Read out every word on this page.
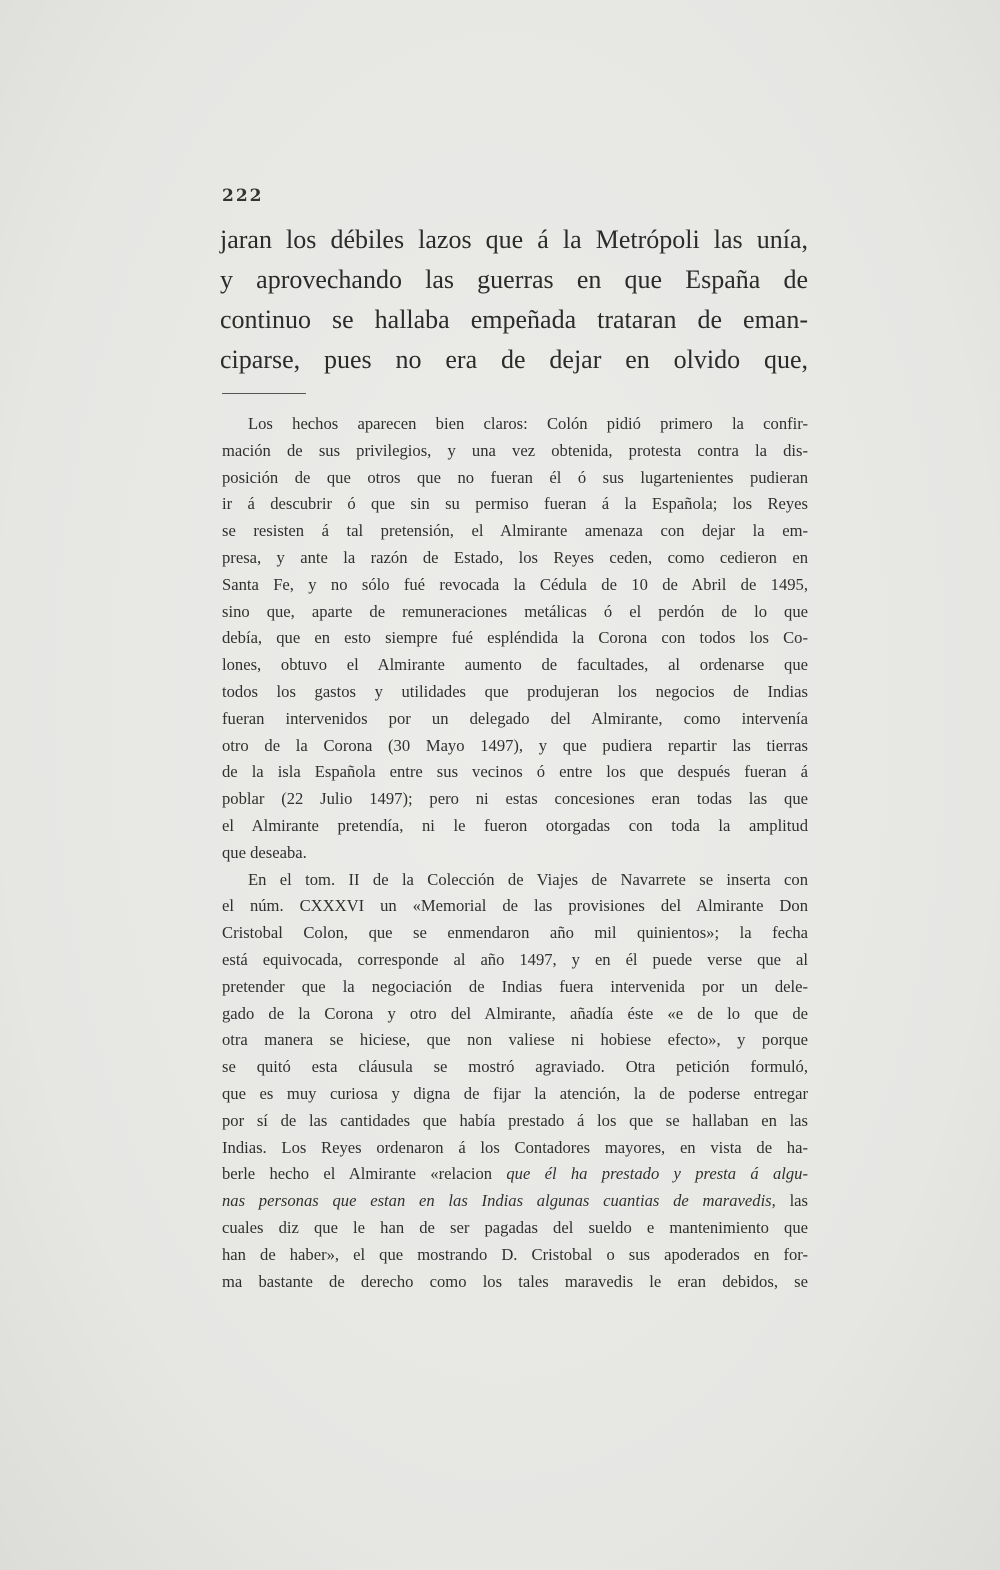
222
jaran los débiles lazos que á la Metrópoli las unía,
y aprovechando las guerras en que España de
continuo se hallaba empeñada trataran de eman-
ciparse, pues no era de dejar en olvido que,
Los hechos aparecen bien claros: Colón pidió primero la confir-
mación de sus privilegios, y una vez obtenida, protesta contra la dis-
posición de que otros que no fueran él ó sus lugartenientes pudieran
ir á descubrir ó que sin su permiso fueran á la Española; los Reyes
se resisten á tal pretensión, el Almirante amenaza con dejar la em-
presa, y ante la razón de Estado, los Reyes ceden, como cedieron en
Santa Fe, y no sólo fué revocada la Cédula de 10 de Abril de 1495,
sino que, aparte de remuneraciones metálicas ó el perdón de lo que
debía, que en esto siempre fué espléndida la Corona con todos los Co-
lones, obtuvo el Almirante aumento de facultades, al ordenarse que
todos los gastos y utilidades que produjeran los negocios de Indias
fueran intervenidos por un delegado del Almirante, como intervenía
otro de la Corona (30 Mayo 1497), y que pudiera repartir las tierras
de la isla Española entre sus vecinos ó entre los que después fueran á
poblar (22 Julio 1497); pero ni estas concesiones eran todas las que
el Almirante pretendía, ni le fueron otorgadas con toda la amplitud
que deseaba.
En el tom. II de la Colección de Viajes de Navarrete se inserta con
el núm. CXXXVI un «Memorial de las provisiones del Almirante Don
Cristobal Colon, que se enmendaron año mil quinientos»; la fecha
está equivocada, corresponde al año 1497, y en él puede verse que al
pretender que la negociación de Indias fuera intervenida por un dele-
gado de la Corona y otro del Almirante, añadía éste «e de lo que de
otra manera se hiciese, que non valiese ni hobiese efecto», y porque
se quitó esta cláusula se mostró agraviado. Otra petición formuló,
que es muy curiosa y digna de fijar la atención, la de poderse entregar
por sí de las cantidades que había prestado á los que se hallaban en las
Indias. Los Reyes ordenaron á los Contadores mayores, en vista de ha-
berle hecho el Almirante «relacion que él ha prestado y presta á algu-
nas personas que estan en las Indias algunas cuantias de maravedis, las
cuales diz que le han de ser pagadas del sueldo e mantenimiento que
han de haber», el que mostrando D. Cristobal o sus apoderados en for-
ma bastante de derecho como los tales maravedis le eran debidos, se
